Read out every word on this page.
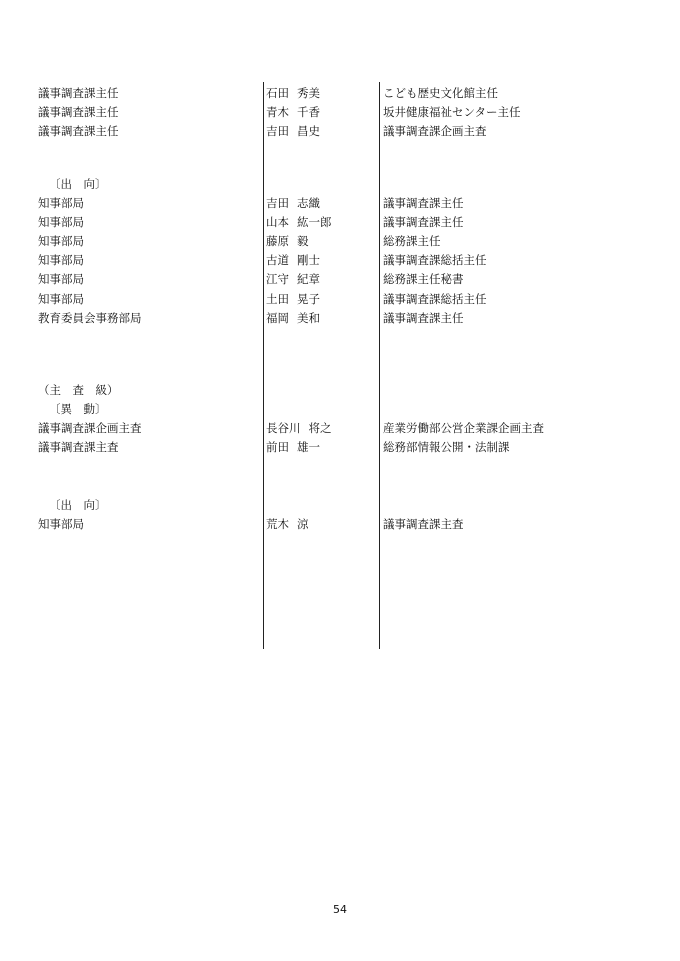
議事調査課主任	石田 秀美	こども歴史文化館主任
議事調査課主任	青木 千香	坂井健康福祉センター主任
議事調査課主任	吉田 昌史	議事調査課企画主査
〔出　向〕
知事部局	吉田 志織	議事調査課主任
知事部局	山本 紘一郎	議事調査課主任
知事部局	藤原 毅	総務課主任
知事部局	古道 剛士	議事調査課総括主任
知事部局	江守 紀章	総務課主任秘書
知事部局	土田 晃子	議事調査課総括主任
教育委員会事務部局	福岡 美和	議事調査課主任
（主　査　級）
〔異　動〕
議事調査課企画主査	長谷川 将之	産業労働部公営企業課企画主査
議事調査課主査	前田 雄一	総務部情報公開・法制課
〔出　向〕
知事部局	荒木 涼	議事調査課主査
54
